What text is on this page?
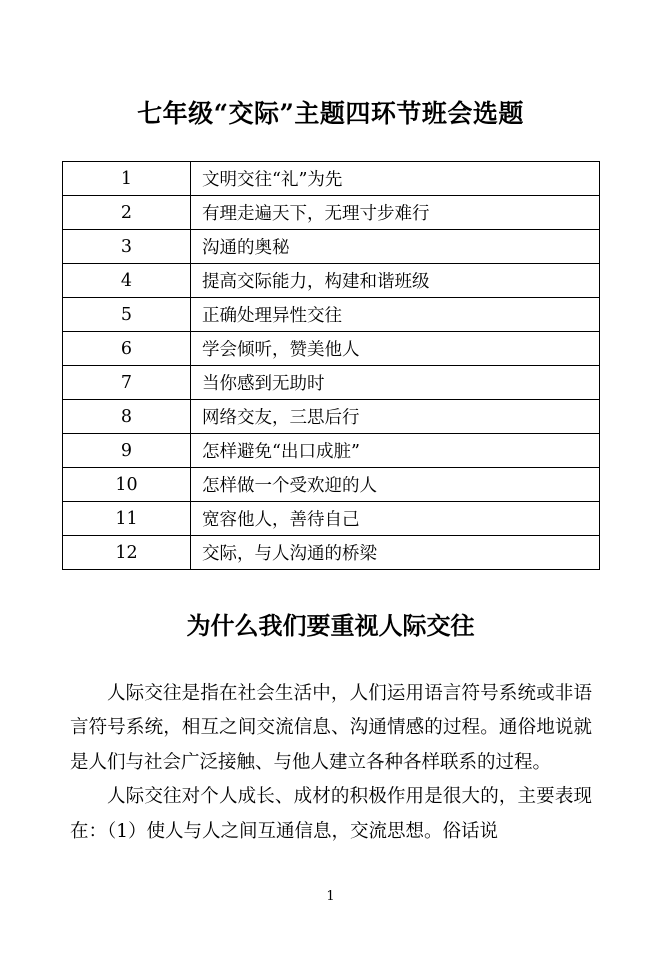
七年级“交际”主题四环节班会选题
1	文明交往“礼”为先
2	有理走遍天下，无理寸步难行
3	沟通的奥秘
4	提高交际能力，构建和谐班级
5	正确处理异性交往
6	学会倾听，赞美他人
7	当你感到无助时
8	网络交友，三思后行
9	怎样避免“出口成脏”
10	怎样做一个受欢迎的人
11	宽容他人，善待自己
12	交际，与人沟通的桥梁
为什么我们要重视人际交往

人际交往是指在社会生活中，人们运用语言符号系统或非语言符号系统，相互之间交流信息、沟通情感的过程。通俗地说就是人们与社会广泛接触、与他人建立各种各样联系的过程。

人际交往对个人成长、成材的积极作用是很大的，主要表现在：（1）使人与人之间互通信息，交流思想。俗话说

1
